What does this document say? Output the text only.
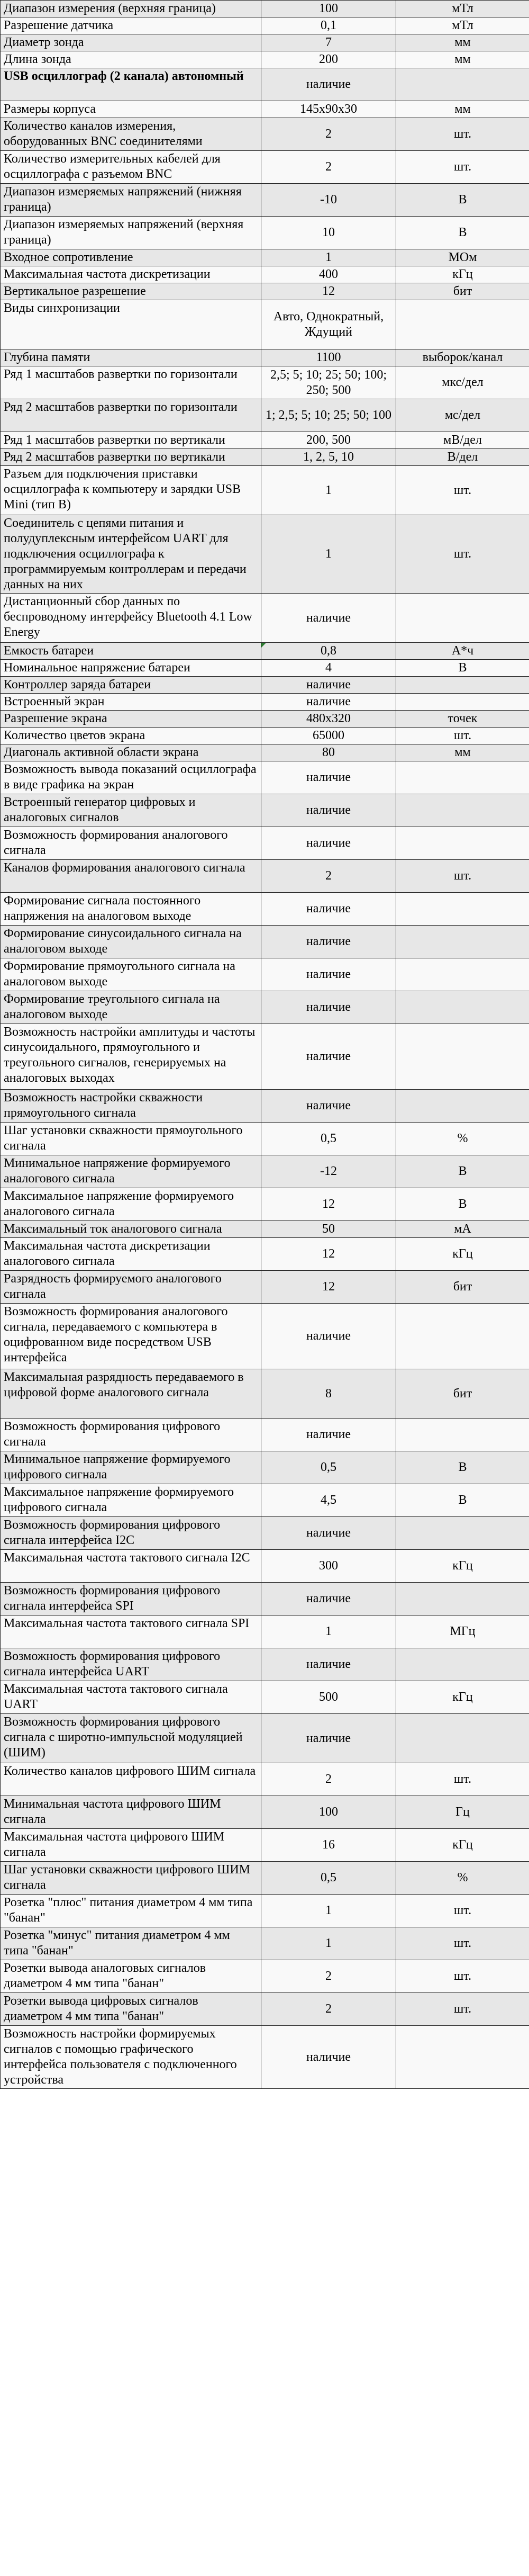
Диапазон измерения (верхняя граница)	100	мТл
Разрешение датчика	0,1	мТл
Диаметр зонда	7	мм
Длина зонда	200	мм
USB осциллограф (2 канала) автономный	наличие	
Размеры корпуса	145х90х30	мм
Количество каналов измерения, оборудованных BNC соединителями	2	шт.
Количество измерительных кабелей для осциллографа с разъемом BNC	2	шт.
Диапазон измеряемых напряжений (нижняя граница)	-10	В
Диапазон измеряемых напряжений (верхняя граница)	10	В
Входное сопротивление	1	МОм
Максимальная частота дискретизации	400	кГц
Вертикальное разрешение	12	бит
Виды синхронизации	Авто, Однократный, Ждущий	
Глубина памяти	1100	выборок/канал
Ряд 1 масштабов развертки по горизонтали	2,5; 5; 10; 25; 50; 100; 250; 500	мкс/дел
Ряд 2 масштабов развертки по горизонтали	1; 2,5; 5; 10; 25; 50; 100	мс/дел
Ряд 1 масштабов развертки по вертикали	200, 500	мВ/дел
Ряд 2 масштабов развертки по вертикали	1, 2, 5, 10	В/дел
Разъем для подключения приставки осциллографа к компьютеру и зарядки USB Mini (тип B)	1	шт.
Соединитель с цепями питания и полудуплексным интерфейсом UART для подключения осциллографа к программируемым контроллерам и передачи данных на них	1	шт.
Дистанционный сбор данных по беспроводному интерфейсу Bluetooth 4.1 Low Energy	наличие	
Емкость батареи	0,8	А*ч
Номинальное напряжение батареи	4	В
Контроллер заряда батареи	наличие	
Встроенный экран	наличие	
Разрешение экрана	480х320	точек
Количество цветов экрана	65000	шт.
Диагональ активной области экрана	80	мм
Возможность вывода показаний осциллографа в виде графика на экран	наличие	
Встроенный генератор цифровых и аналоговых сигналов	наличие	
Возможность формирования аналогового сигнала	наличие	
Каналов формирования аналогового сигнала	2	шт.
Формирование сигнала постоянного напряжения на аналоговом выходе	наличие	
Формирование синусоидального сигнала на аналоговом выходе	наличие	
Формирование прямоугольного сигнала на аналоговом выходе	наличие	
Формирование треугольного сигнала на аналоговом выходе	наличие	
Возможность настройки амплитуды и частоты синусоидального, прямоугольного и треугольного сигналов, генерируемых на аналоговых выходах	наличие	
Возможность настройки скважности прямоугольного сигнала	наличие	
Шаг установки скважности прямоугольного сигнала	0,5	%
Минимальное напряжение формируемого аналогового сигнала	-12	В
Максимальное напряжение формируемого аналогового сигнала	12	В
Максимальный ток аналогового сигнала	50	мА
Максимальная частота дискретизации аналогового сигнала	12	кГц
Разрядность формируемого аналогового сигнала	12	бит
Возможность формирования аналогового сигнала, передаваемого с компьютера в оцифрованном виде посредством USB интерфейса	наличие	
Максимальная разрядность передаваемого в цифровой форме аналогового сигнала	8	бит
Возможность формирования цифрового сигнала	наличие	
Минимальное напряжение формируемого цифрового сигнала	0,5	В
Максимальное напряжение формируемого цифрового сигнала	4,5	В
Возможность формирования цифрового сигнала интерфейса I2C	наличие	
Максимальная частота тактового сигнала I2C	300	кГц
Возможность формирования цифрового сигнала интерфейса SPI	наличие	
Максимальная частота тактового сигнала SPI	1	МГц
Возможность формирования цифрового сигнала интерфейса UART	наличие	
Максимальная частота тактового сигнала UART	500	кГц
Возможность формирования цифрового сигнала с широтно-импульсной модуляцией (ШИМ)	наличие	
Количество каналов цифрового ШИМ сигнала	2	шт.
Минимальная частота цифрового ШИМ сигнала	100	Гц
Максимальная частота цифрового ШИМ сигнала	16	кГц
Шаг установки скважности цифрового ШИМ сигнала	0,5	%
Розетка "плюс" питания диаметром 4 мм типа "банан"	1	шт.
Розетка "минус" питания диаметром 4 мм типа "банан"	1	шт.
Розетки вывода аналоговых сигналов диаметром 4 мм типа "банан"	2	шт.
Розетки вывода цифровых сигналов диаметром 4 мм типа "банан"	2	шт.
Возможность настройки формируемых сигналов с помощью графического интерфейса пользователя с подключенного устройства	наличие	
